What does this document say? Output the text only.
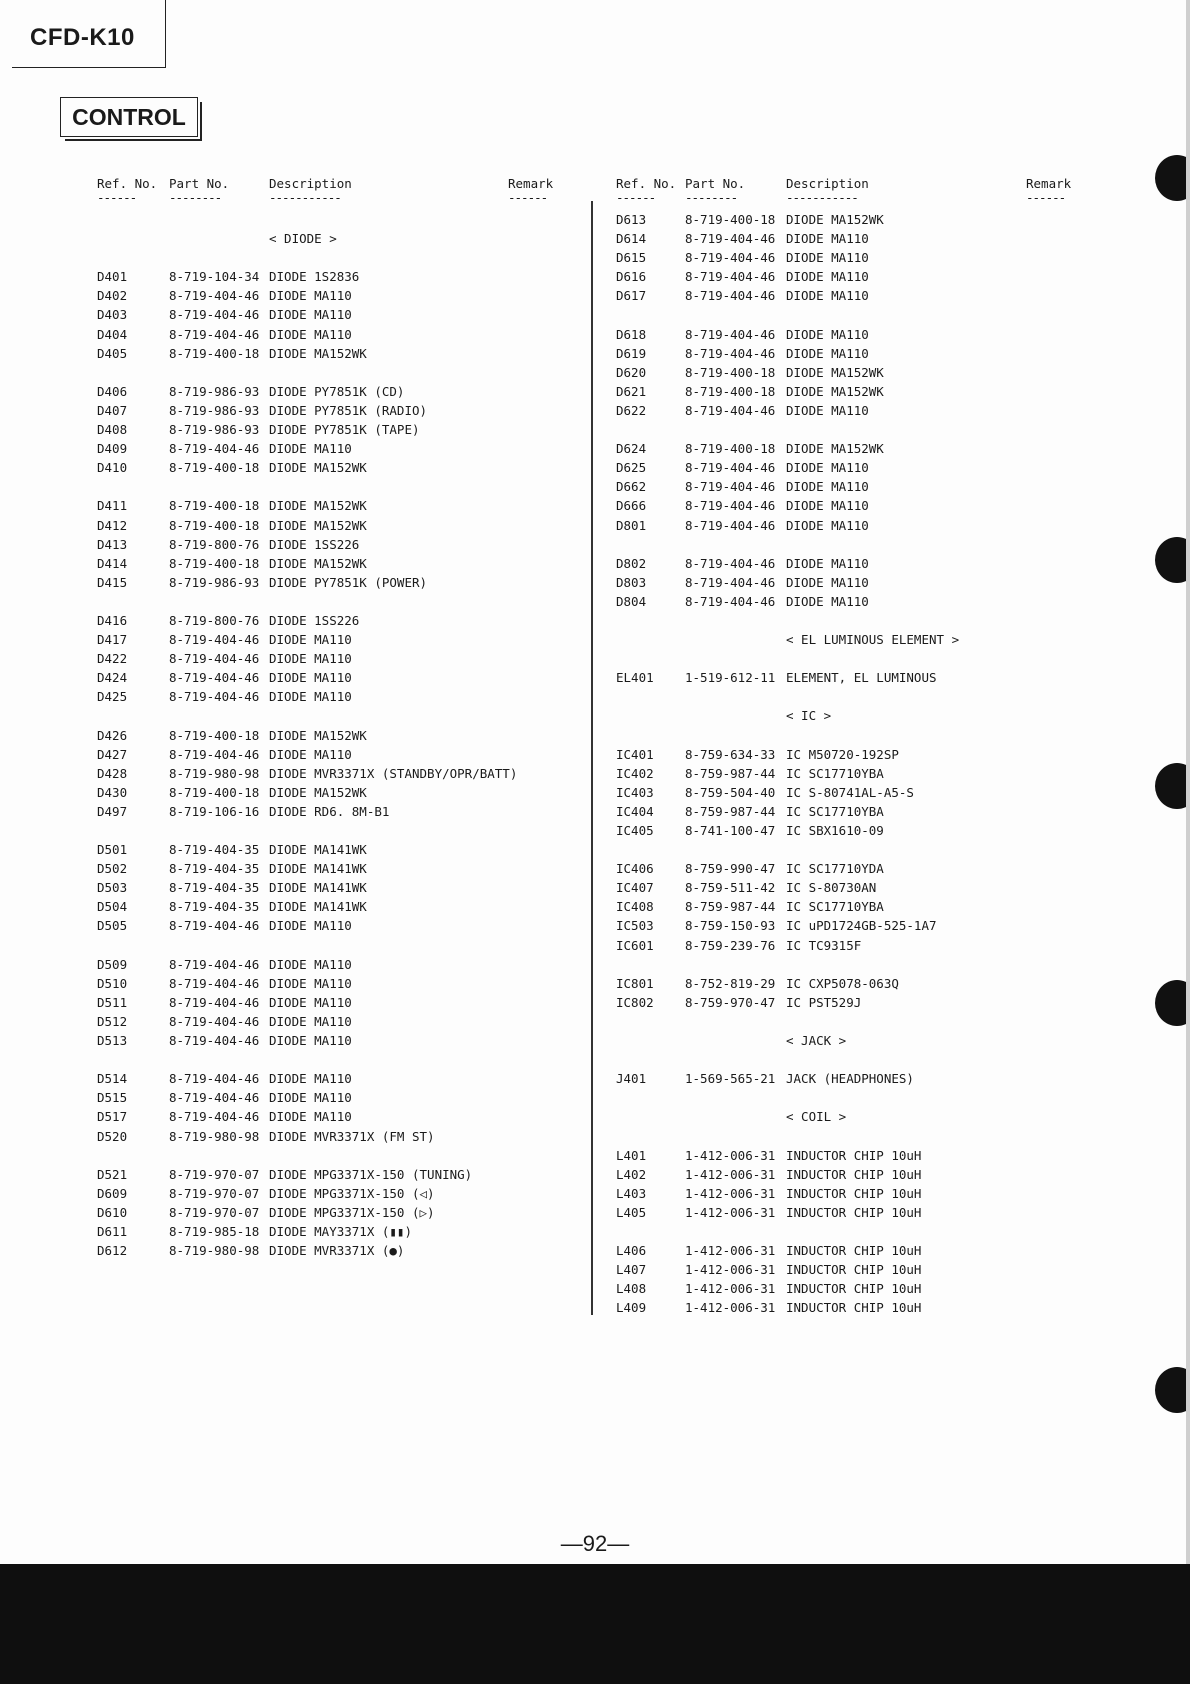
CFD-K10
CONTROL
Ref. No. Part No.	Description	Remark
------	--------	-----------	------
< DIODE >
D401	8-719-104-34 DIODE 1S2836
D402	8-719-404-46 DIODE MA110
D403	8-719-404-46 DIODE MA110
D404	8-719-404-46 DIODE MA110
D405	8-719-400-18 DIODE MA152WK
D406	8-719-986-93 DIODE PY7851K (CD)
D407	8-719-986-93 DIODE PY7851K (RADIO)
D408	8-719-986-93 DIODE PY7851K (TAPE)
D409	8-719-404-46 DIODE MA110
D410	8-719-400-18 DIODE MA152WK
D411	8-719-400-18 DIODE MA152WK
D412	8-719-400-18 DIODE MA152WK
D413	8-719-800-76 DIODE 1SS226
D414	8-719-400-18 DIODE MA152WK
D415	8-719-986-93 DIODE PY7851K (POWER)
D416	8-719-800-76 DIODE 1SS226
D417	8-719-404-46 DIODE MA110
D422	8-719-404-46 DIODE MA110
D424	8-719-404-46 DIODE MA110
D425	8-719-404-46 DIODE MA110
D426	8-719-400-18 DIODE MA152WK
D427	8-719-404-46 DIODE MA110
D428	8-719-980-98 DIODE MVR3371X (STANDBY/OPR/BATT)
D430	8-719-400-18 DIODE MA152WK
D497	8-719-106-16 DIODE RD6. 8M-B1
D501	8-719-404-35 DIODE MA141WK
D502	8-719-404-35 DIODE MA141WK
D503	8-719-404-35 DIODE MA141WK
D504	8-719-404-35 DIODE MA141WK
D505	8-719-404-46 DIODE MA110
D509	8-719-404-46 DIODE MA110
D510	8-719-404-46 DIODE MA110
D511	8-719-404-46 DIODE MA110
D512	8-719-404-46 DIODE MA110
D513	8-719-404-46 DIODE MA110
D514	8-719-404-46 DIODE MA110
D515	8-719-404-46 DIODE MA110
D517	8-719-404-46 DIODE MA110
D520	8-719-980-98 DIODE MVR3371X (FM ST)
D521	8-719-970-07 DIODE MPG3371X-150 (TUNING)
D609	8-719-970-07 DIODE MPG3371X-150 (◁)
D610	8-719-970-07 DIODE MPG3371X-150 (▷)
D611	8-719-985-18 DIODE MAY3371X (▮▮)
D612	8-719-980-98 DIODE MVR3371X (●)
Ref. No. Part No.	Description	Remark
------ --------	-----------	------
D613	8-719-400-18 DIODE MA152WK
D614	8-719-404-46 DIODE MA110
D615	8-719-404-46 DIODE MA110
D616	8-719-404-46 DIODE MA110
D617	8-719-404-46 DIODE MA110
D618	8-719-404-46 DIODE MA110
D619	8-719-404-46 DIODE MA110
D620	8-719-400-18 DIODE MA152WK
D621	8-719-400-18 DIODE MA152WK
D622	8-719-404-46 DIODE MA110
D624	8-719-400-18 DIODE MA152WK
D625	8-719-404-46 DIODE MA110
D662	8-719-404-46 DIODE MA110
D666	8-719-404-46 DIODE MA110
D801	8-719-404-46 DIODE MA110
D802	8-719-404-46 DIODE MA110
D803	8-719-404-46 DIODE MA110
D804	8-719-404-46 DIODE MA110
< EL LUMINOUS ELEMENT >
EL401	1-519-612-11 ELEMENT, EL LUMINOUS
< IC >
IC401	8-759-634-33 IC M50720-192SP
IC402	8-759-987-44 IC SC17710YBA
IC403	8-759-504-40 IC S-80741AL-A5-S
IC404	8-759-987-44 IC SC17710YBA
IC405	8-741-100-47 IC SBX1610-09
IC406	8-759-990-47 IC SC17710YDA
IC407	8-759-511-42 IC S-80730AN
IC408	8-759-987-44 IC SC17710YBA
IC503	8-759-150-93 IC uPD1724GB-525-1A7
IC601	8-759-239-76 IC TC9315F
IC801	8-752-819-29 IC CXP5078-063Q
IC802	8-759-970-47 IC PST529J
< JACK >
J401	1-569-565-21 JACK (HEADPHONES)
< COIL >
L401	1-412-006-31 INDUCTOR CHIP 10uH
L402	1-412-006-31 INDUCTOR CHIP 10uH
L403	1-412-006-31 INDUCTOR CHIP 10uH
L405	1-412-006-31 INDUCTOR CHIP 10uH
L406	1-412-006-31 INDUCTOR CHIP 10uH
L407	1-412-006-31 INDUCTOR CHIP 10uH
L408	1-412-006-31 INDUCTOR CHIP 10uH
L409	1-412-006-31 INDUCTOR CHIP 10uH
—92—
